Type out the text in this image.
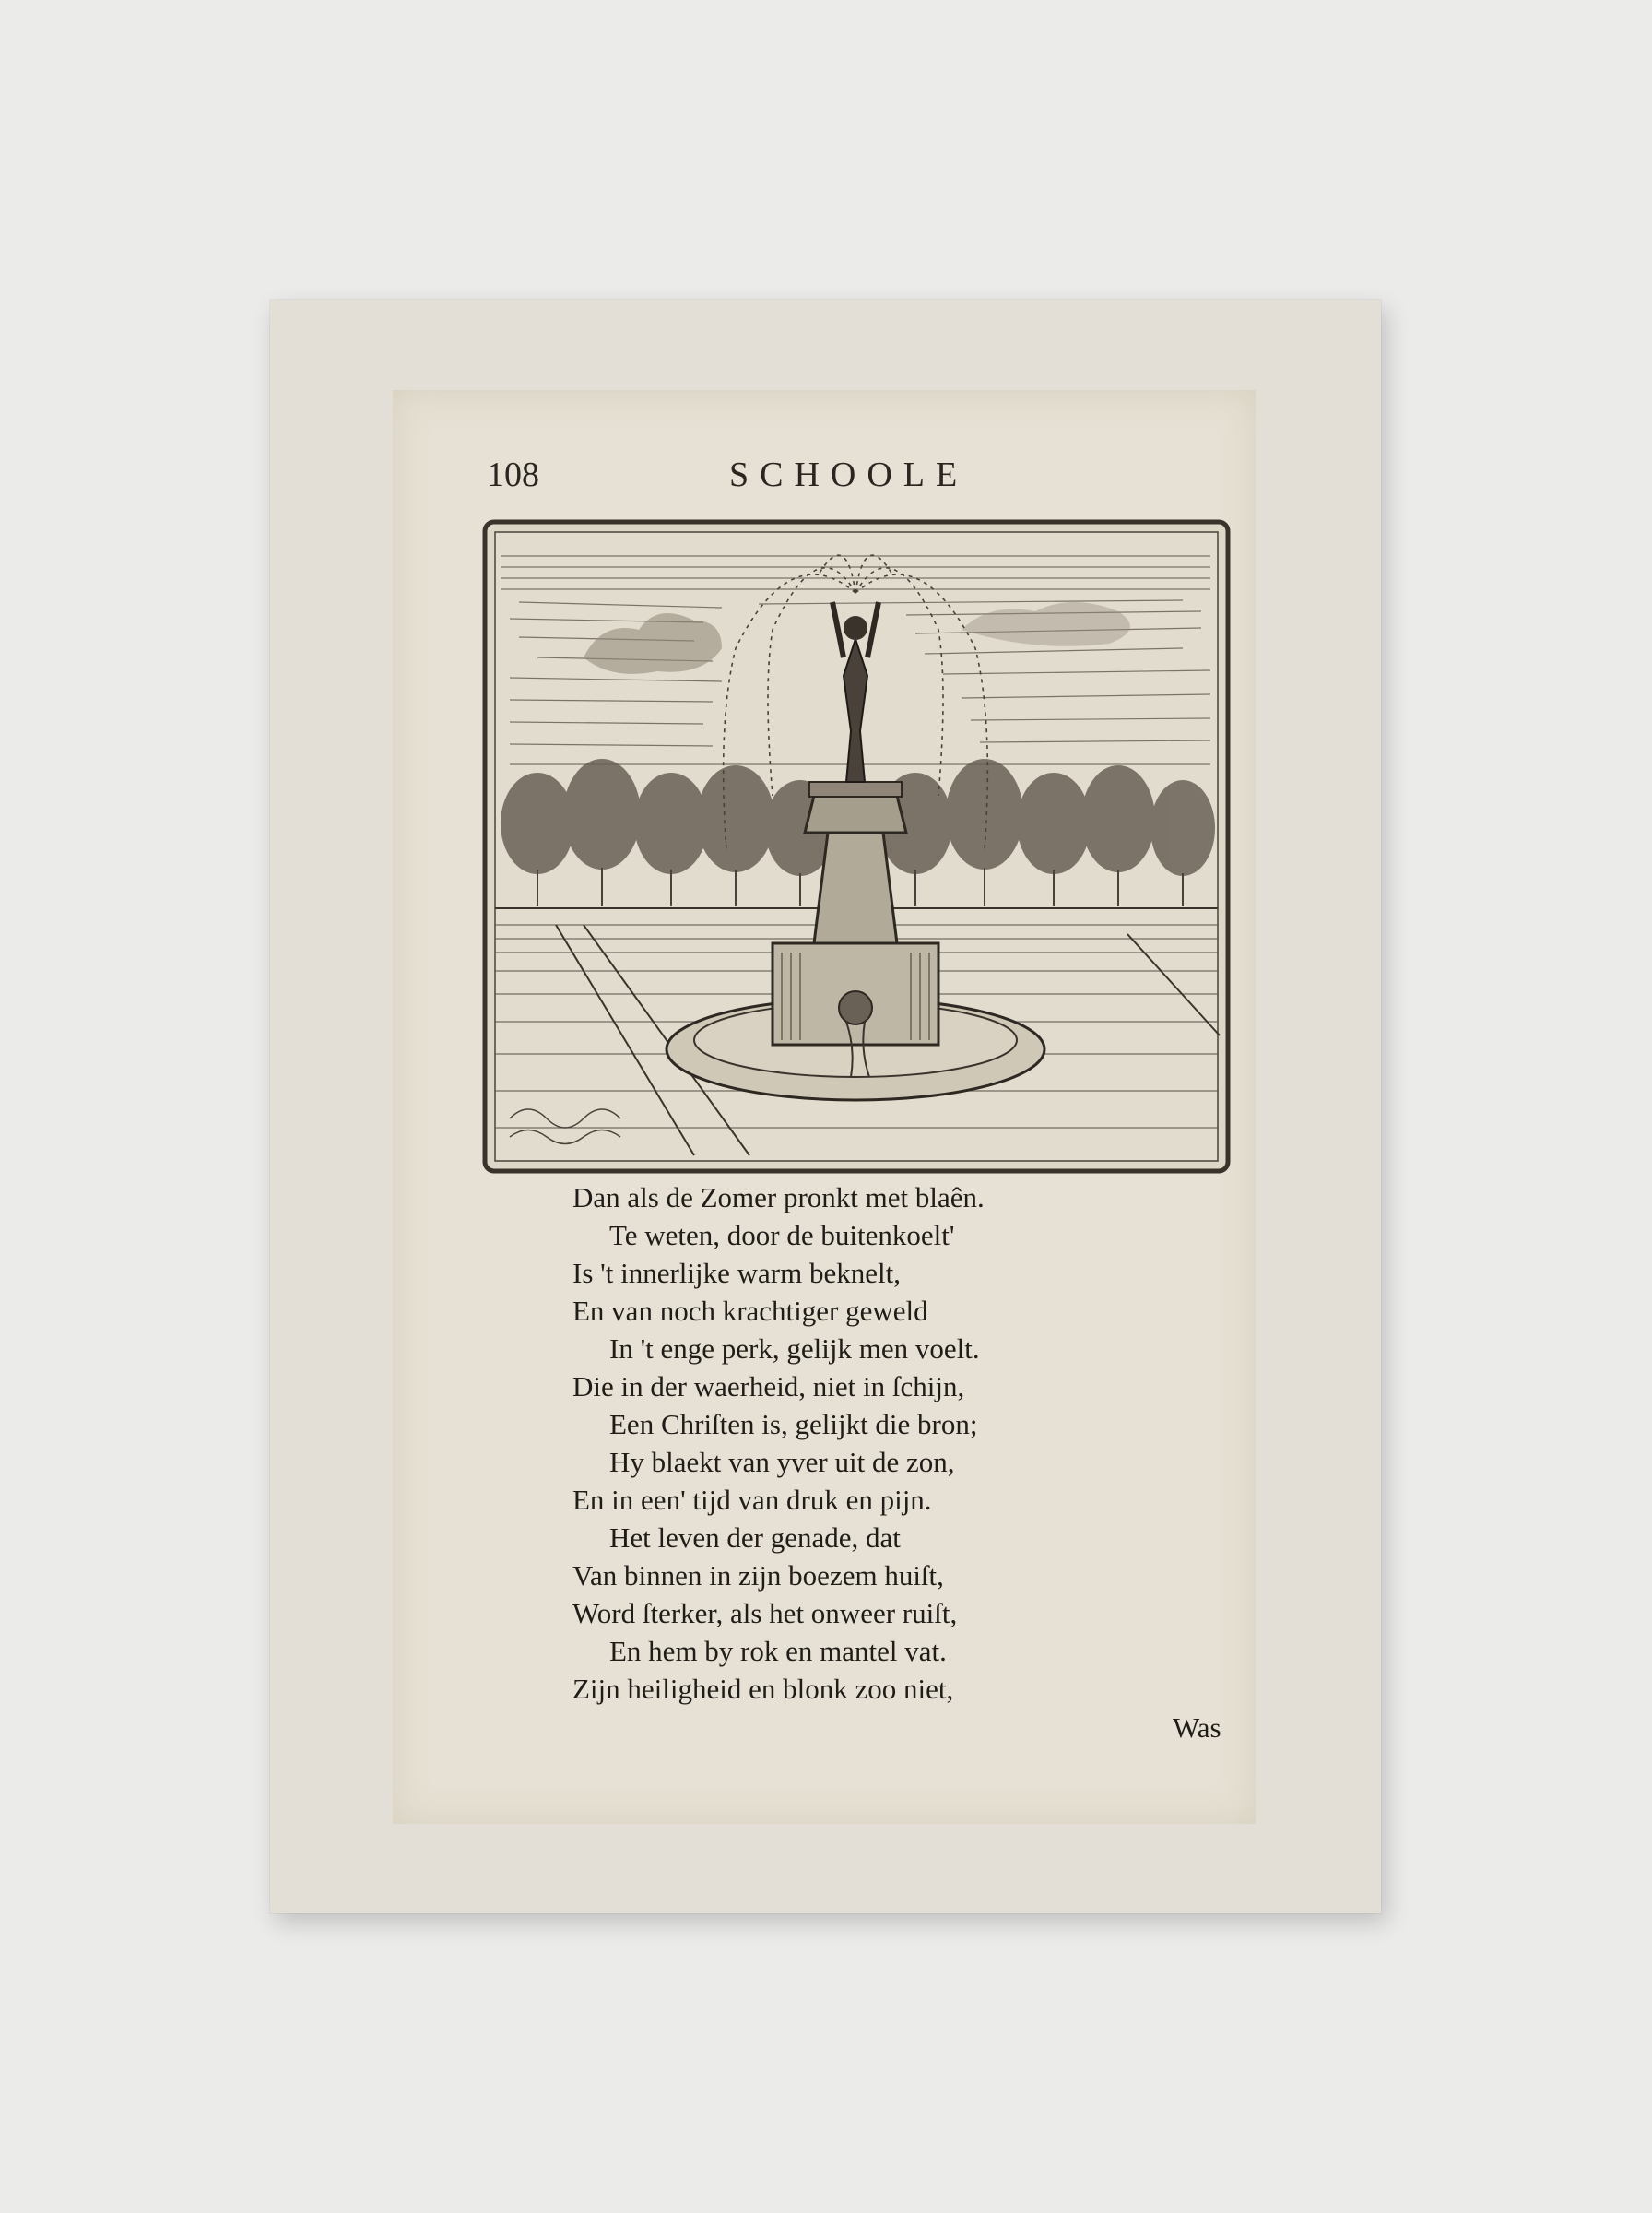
108	SCHOOLE
Dan als de Zomer pronkt met blaên.
Te weten, door de buitenkoelt'
Is 't innerlijke warm beknelt,
En van noch krachtiger geweld
In 't enge perk, gelijk men voelt.
Die in der waerheid, niet in ſchijn,
Een Chriſten is, gelijkt die bron;
Hy blaekt van yver uit de zon,
En in een' tijd van druk en pijn.
Het leven der genade, dat
Van binnen in zijn boezem huiſt,
Word ſterker, als het onweer ruiſt,
En hem by rok en mantel vat.
Zijn heiligheid en blonk zoo niet,
Was
